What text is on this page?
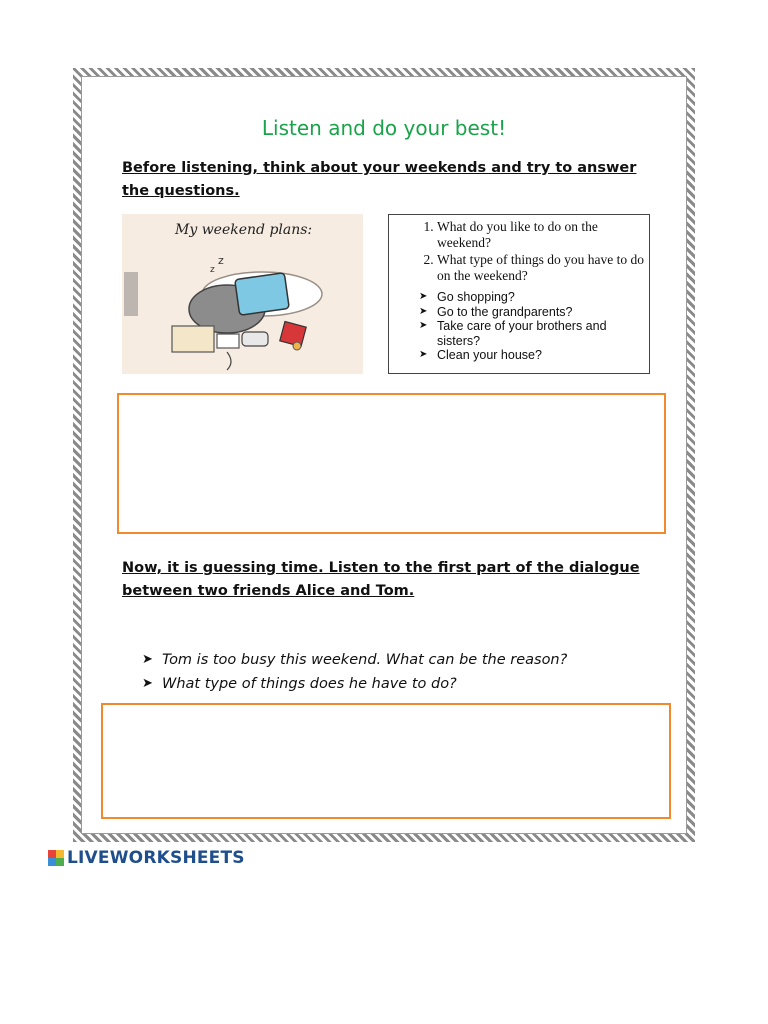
Listen and do your best!
Before listening, think about your weekends and try to answer the questions.
My weekend plans:
z
z
1. What do you like to do on the weekend?
2. What type of things do you have to do on the weekend?
➤ Go shopping?
➤ Go to the grandparents?
➤ Take care of your brothers and sisters?
➤ Clean your house?
Now, it is guessing time. Listen to the first part of the dialogue between two friends Alice and Tom.
➤ Tom is too busy this weekend. What can be the reason?
➤ What type of things does he have to do?
LIVEWORKSHEETS
